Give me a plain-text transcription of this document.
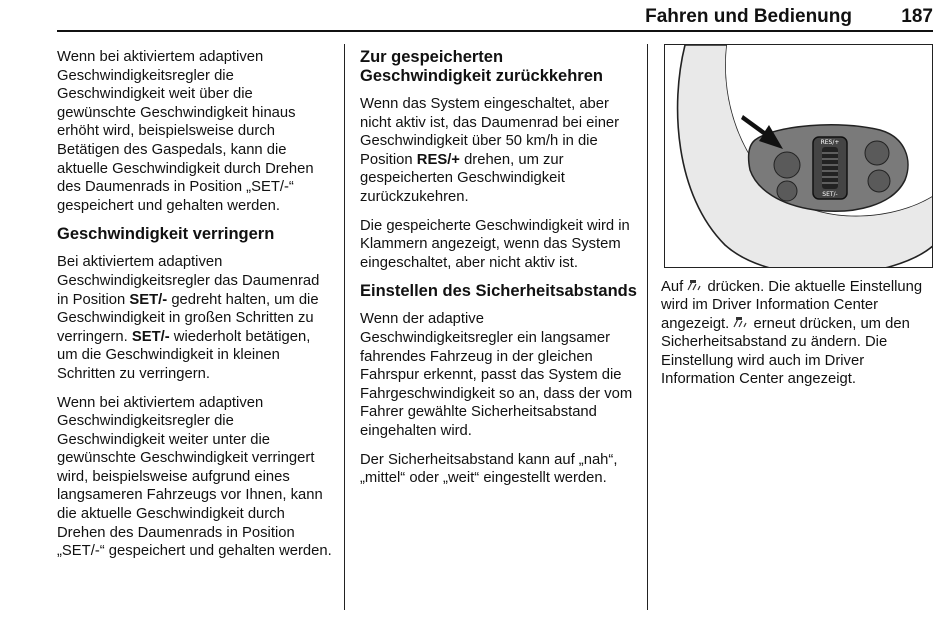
Fahren und Bedienung	187

Wenn bei aktiviertem adaptiven Geschwindigkeitsregler die Geschwindigkeit weit über die gewünschte Geschwindigkeit hinaus erhöht wird, beispielsweise durch Betätigen des Gaspedals, kann die aktuelle Geschwindigkeit durch Drehen des Daumenrads in Position „SET/-“ gespeichert und gehalten werden.

Geschwindigkeit verringern

Bei aktiviertem adaptiven Geschwindigkeitsregler das Daumenrad in Position SET/- gedreht halten, um die Geschwindigkeit in großen Schritten zu verringern. SET/- wiederholt betätigen, um die Geschwindigkeit in kleinen Schritten zu verringern.

Wenn bei aktiviertem adaptiven Geschwindigkeitsregler die Geschwindigkeit weiter unter die gewünschte Geschwindigkeit verringert wird, beispielsweise aufgrund eines langsameren Fahrzeugs vor Ihnen, kann die aktuelle Geschwindigkeit durch Drehen des Daumenrads in Position „SET/-“ gespeichert und gehalten werden.

Zur gespeicherten Geschwindigkeit zurückkehren

Wenn das System eingeschaltet, aber nicht aktiv ist, das Daumenrad bei einer Geschwindigkeit über 50 km/h in die Position RES/+ drehen, um zur gespeicherten Geschwindigkeit zurückzukehren.

Die gespeicherte Geschwindigkeit wird in Klammern angezeigt, wenn das System eingeschaltet, aber nicht aktiv ist.

Einstellen des Sicherheitsabstands

Wenn der adaptive Geschwindigkeitsregler ein langsamer fahrendes Fahrzeug in der gleichen Fahrspur erkennt, passt das System die Fahrgeschwindigkeit so an, dass der vom Fahrer gewählte Sicherheitsabstand eingehalten wird.

Der Sicherheitsabstand kann auf „nah“, „mittel“ oder „weit“ eingestellt werden.

RES/+
SET/-

Auf  drücken. Die aktuelle Einstellung wird im Driver Information Center angezeigt.  erneut drücken, um den Sicherheitsabstand zu ändern. Die Einstellung wird auch im Driver Information Center angezeigt.
